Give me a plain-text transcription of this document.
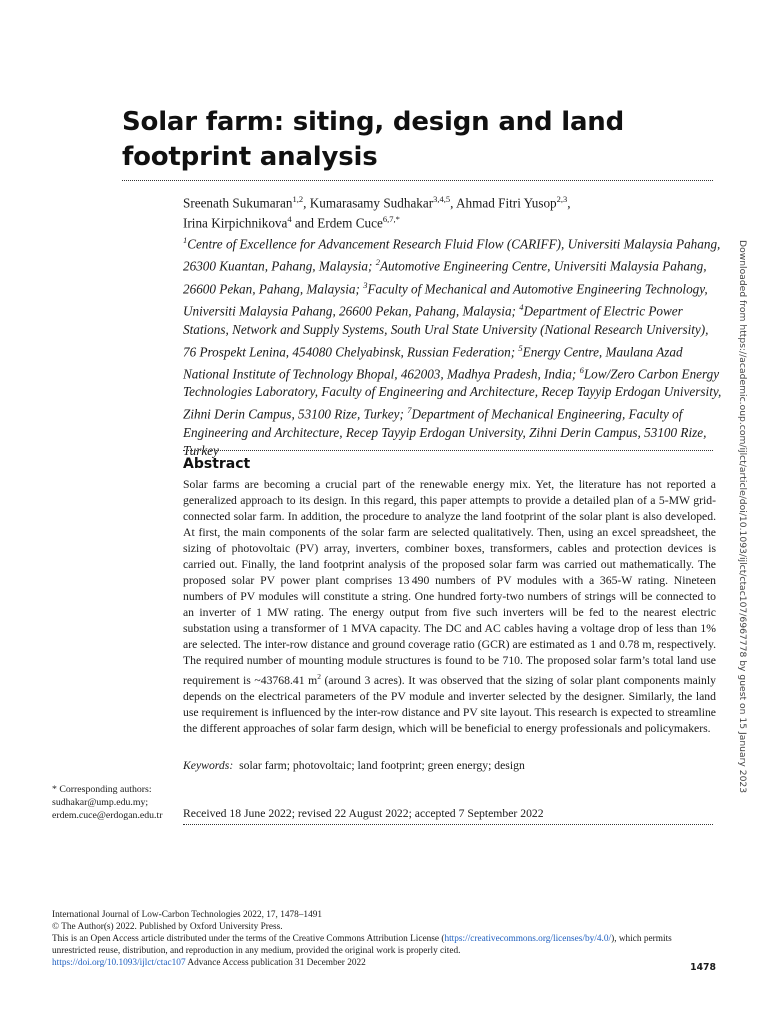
Solar farm: siting, design and land footprint analysis
Sreenath Sukumaran$^{1,2}$, Kumarasamy Sudhakar$^{3,4,5}$, Ahmad Fitri Yusop$^{2,3}$,
Irina Kirpichnikova$^4$ and Erdem Cuce$^{6,7,*}$
$^1$Centre of Excellence for Advancement Research Fluid Flow (CARIFF), Universiti Malaysia Pahang, 26300 Kuantan, Pahang, Malaysia; $^2$Automotive Engineering Centre, Universiti Malaysia Pahang, 26600 Pekan, Pahang, Malaysia; $^3$Faculty of Mechanical and Automotive Engineering Technology, Universiti Malaysia Pahang, 26600 Pekan, Pahang, Malaysia; $^4$Department of Electric Power Stations, Network and Supply Systems, South Ural State University (National Research University), 76 Prospekt Lenina, 454080 Chelyabinsk, Russian Federation; $^5$Energy Centre, Maulana Azad National Institute of Technology Bhopal, 462003, Madhya Pradesh, India; $^6$Low/Zero Carbon Energy Technologies Laboratory, Faculty of Engineering and Architecture, Recep Tayyip Erdogan University, Zihni Derin Campus, 53100 Rize, Turkey; $^7$Department of Mechanical Engineering, Faculty of Engineering and Architecture, Recep Tayyip Erdogan University, Zihni Derin Campus, 53100 Rize, Turkey
Abstract

Solar farms are becoming a crucial part of the renewable energy mix. Yet, the literature has not reported a generalized approach to its design. In this regard, this paper attempts to provide a detailed plan of a 5-MW grid-connected solar farm. In addition, the procedure to analyze the land footprint of the solar plant is also developed. At first, the main components of the solar farm are selected qualitatively. Then, using an excel spreadsheet, the sizing of photovoltaic (PV) array, inverters, combiner boxes, transformers, cables and protection devices is carried out. Finally, the land footprint analysis of the proposed solar farm was carried out mathematically. The proposed solar PV power plant comprises 13 490 numbers of PV modules with a 365-W rating. Nineteen numbers of PV modules will constitute a string. One hundred forty-two numbers of strings will be connected to an inverter of 1 MW rating. The energy output from five such inverters will be fed to the nearest electric substation using a transformer of 1 MVA capacity. The DC and AC cables having a voltage drop of less than 1% are selected. The inter-row distance and ground coverage ratio (GCR) are estimated as 1 and 0.78 m, respectively. The required number of mounting module structures is found to be 710. The proposed solar farm’s total land use requirement is ~43768.41 $m^2$ (around 3 acres). It was observed that the sizing of solar plant components mainly depends on the electrical parameters of the PV module and inverter selected by the designer. Similarly, the land use requirement is influenced by the inter-row distance and PV site layout. This research is expected to streamline the different approaches of solar farm design, which will be beneficial to energy professionals and policymakers.

Keywords: solar farm; photovoltaic; land footprint; green energy; design

* Corresponding authors:
sudhakar@ump.edu.my;
erdem.cuce@erdogan.edu.tr	Received 18 June 2022; revised 22 August 2022; accepted 7 September 2022
International Journal of Low-Carbon Technologies 2022, 17, 1478–1491
© The Author(s) 2022. Published by Oxford University Press.
This is an Open Access article distributed under the terms of the Creative Commons Attribution License (https://creativecommons.org/licenses/by/4.0/), which permits unrestricted reuse, distribution, and reproduction in any medium, provided the original work is properly cited.
https://doi.org/10.1093/ijlct/ctac107 Advance Access publication 31 December 2022	1478
Downloaded from https://academic.oup.com/ijlct/article/doi/10.1093/ijlct/ctac107/6967778 by guest on 15 January 2023
